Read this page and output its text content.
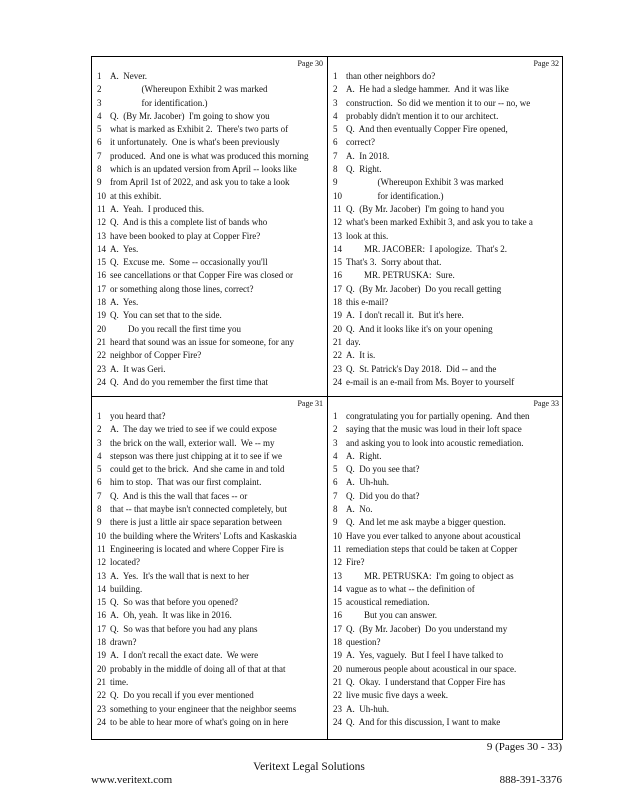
Page 30
1 A.  Never.
2              (Whereupon Exhibit 2 was marked
3              for identification.)
4 Q.  (By Mr. Jacober)  I'm going to show you
5 what is marked as Exhibit 2.  There's two parts of
6 it unfortunately.  One is what's been previously
7 produced.  And one is what was produced this morning
8 which is an updated version from April -- looks like
9 from April 1st of 2022, and ask you to take a look
10 at this exhibit.
11 A.  Yeah.  I produced this.
12 Q.  And is this a complete list of bands who
13 have been booked to play at Copper Fire?
14 A.  Yes.
15 Q.  Excuse me.  Some -- occasionally you'll
16 see cancellations or that Copper Fire was closed or
17 or something along those lines, correct?
18 A.  Yes.
19 Q.  You can set that to the side.
20        Do you recall the first time you
21 heard that sound was an issue for someone, for any
22 neighbor of Copper Fire?
23 A.  It was Geri.
24 Q.  And do you remember the first time that
Page 32
1 than other neighbors do?
2 A.  He had a sledge hammer.  And it was like
3 construction.  So did we mention it to our -- no, we
4 probably didn't mention it to our architect.
5 Q.  And then eventually Copper Fire opened,
6 correct?
7 A.  In 2018.
8 Q.  Right.
9              (Whereupon Exhibit 3 was marked
10              for identification.)
11 Q.  (By Mr. Jacober)  I'm going to hand you
12 what's been marked Exhibit 3, and ask you to take a
13 look at this.
14        MR. JACOBER:  I apologize.  That's 2.
15 That's 3.  Sorry about that.
16        MR. PETRUSKA:  Sure.
17 Q.  (By Mr. Jacober)  Do you recall getting
18 this e-mail?
19 A.  I don't recall it.  But it's here.
20 Q.  And it looks like it's on your opening
21 day.
22 A.  It is.
23 Q.  St. Patrick's Day 2018.  Did -- and the
24 e-mail is an e-mail from Ms. Boyer to yourself
Page 31
1 you heard that?
2 A.  The day we tried to see if we could expose
3 the brick on the wall, exterior wall.  We -- my
4 stepson was there just chipping at it to see if we
5 could get to the brick.  And she came in and told
6 him to stop.  That was our first complaint.
7 Q.  And is this the wall that faces -- or
8 that -- that maybe isn't connected completely, but
9 there is just a little air space separation between
10 the building where the Writers' Lofts and Kaskaskia
11 Engineering is located and where Copper Fire is
12 located?
13 A.  Yes.  It's the wall that is next to her
14 building.
15 Q.  So was that before you opened?
16 A.  Oh, yeah.  It was like in 2016.
17 Q.  So was that before you had any plans
18 drawn?
19 A.  I don't recall the exact date.  We were
20 probably in the middle of doing all of that at that
21 time.
22 Q.  Do you recall if you ever mentioned
23 something to your engineer that the neighbor seems
24 to be able to hear more of what's going on in here
Page 33
1 congratulating you for partially opening.  And then
2 saying that the music was loud in their loft space
3 and asking you to look into acoustic remediation.
4 A.  Right.
5 Q.  Do you see that?
6 A.  Uh-huh.
7 Q.  Did you do that?
8 A.  No.
9 Q.  And let me ask maybe a bigger question.
10 Have you ever talked to anyone about acoustical
11 remediation steps that could be taken at Copper
12 Fire?
13        MR. PETRUSKA:  I'm going to object as
14 vague as to what -- the definition of
15 acoustical remediation.
16        But you can answer.
17 Q.  (By Mr. Jacober)  Do you understand my
18 question?
19 A.  Yes, vaguely.  But I feel I have talked to
20 numerous people about acoustical in our space.
21 Q.  Okay.  I understand that Copper Fire has
22 live music five days a week.
23 A.  Uh-huh.
24 Q.  And for this discussion, I want to make
9 (Pages 30 - 33)
Veritext Legal Solutions
www.veritext.com	888-391-3376
